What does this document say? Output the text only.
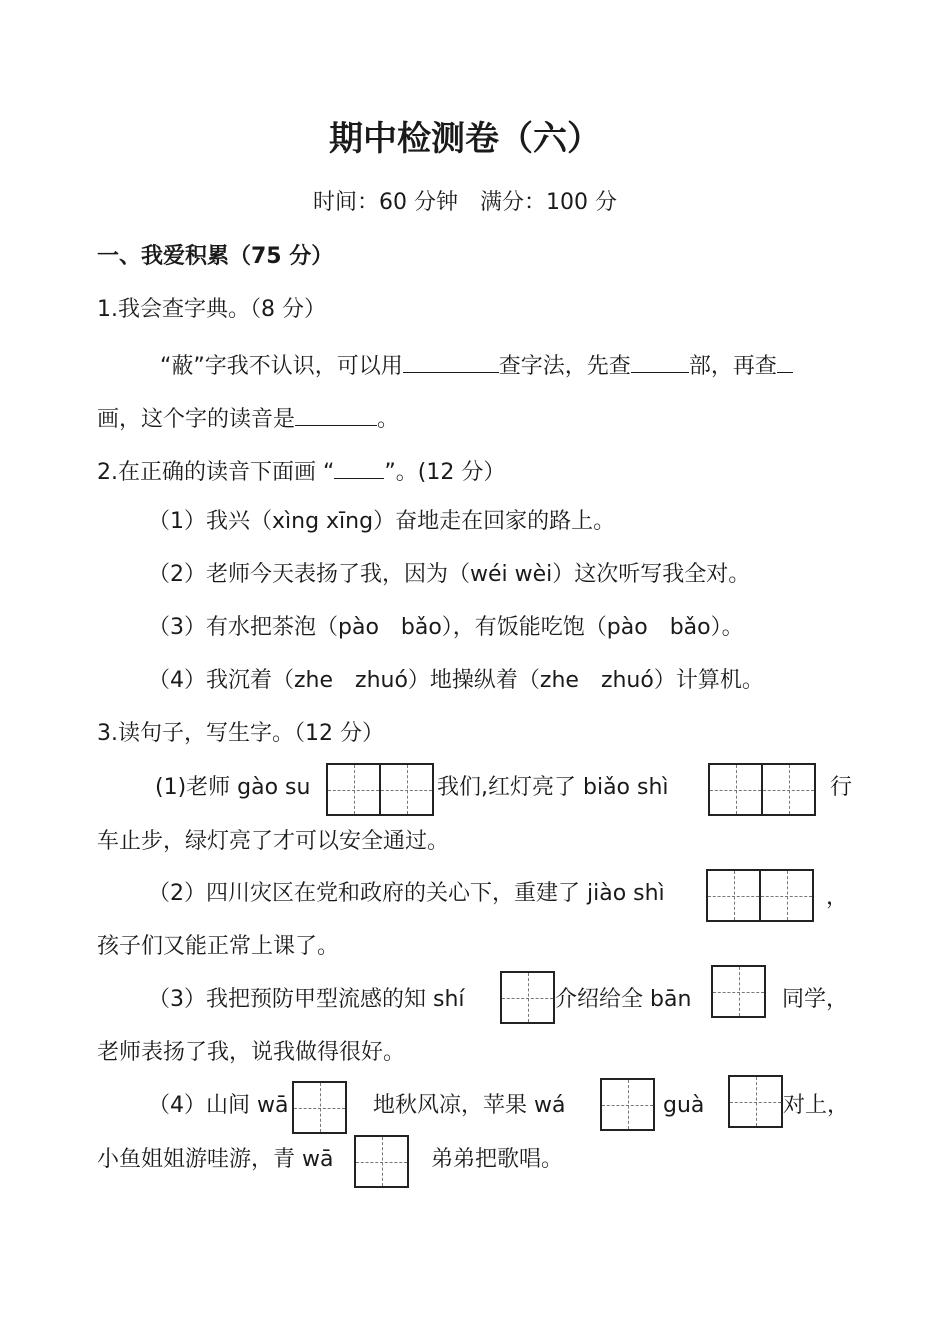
期中检测卷（六）
时间：60 分钟　满分：100 分
一、我爱积累（75 分）
1.我会查字典。（8 分）
“蔽”字我不认识，可以用	查字法，先查	部，再查
画，这个字的读音是	。
2.在正确的读音下面画 “ ”。(12 分）
（1）我兴（xìng xīng）奋地走在回家的路上。
（2）老师今天表扬了我，因为（wéi wèi）这次听写我全对。
（3）有水把茶泡（pào　bǎo），有饭能吃饱（pào　bǎo）。
（4）我沉着（zhe　zhuó）地操纵着（zhe　zhuó）计算机。
3.读句子，写生字。（12 分）
(1)老师 gào su	我们,红灯亮了 biǎo shì	行
车止步，绿灯亮了才可以安全通过。
（2）四川灾区在党和政府的关心下，重建了 jiào shì	，
孩子们又能正常上课了。
（3）我把预防甲型流感的知 shí	介绍给全 bān	同学，
老师表扬了我，说我做得很好。
（4）山间 wā	地秋风凉，苹果 wá	guà	对上，
小鱼姐姐游哇游，青 wā	弟弟把歌唱。
